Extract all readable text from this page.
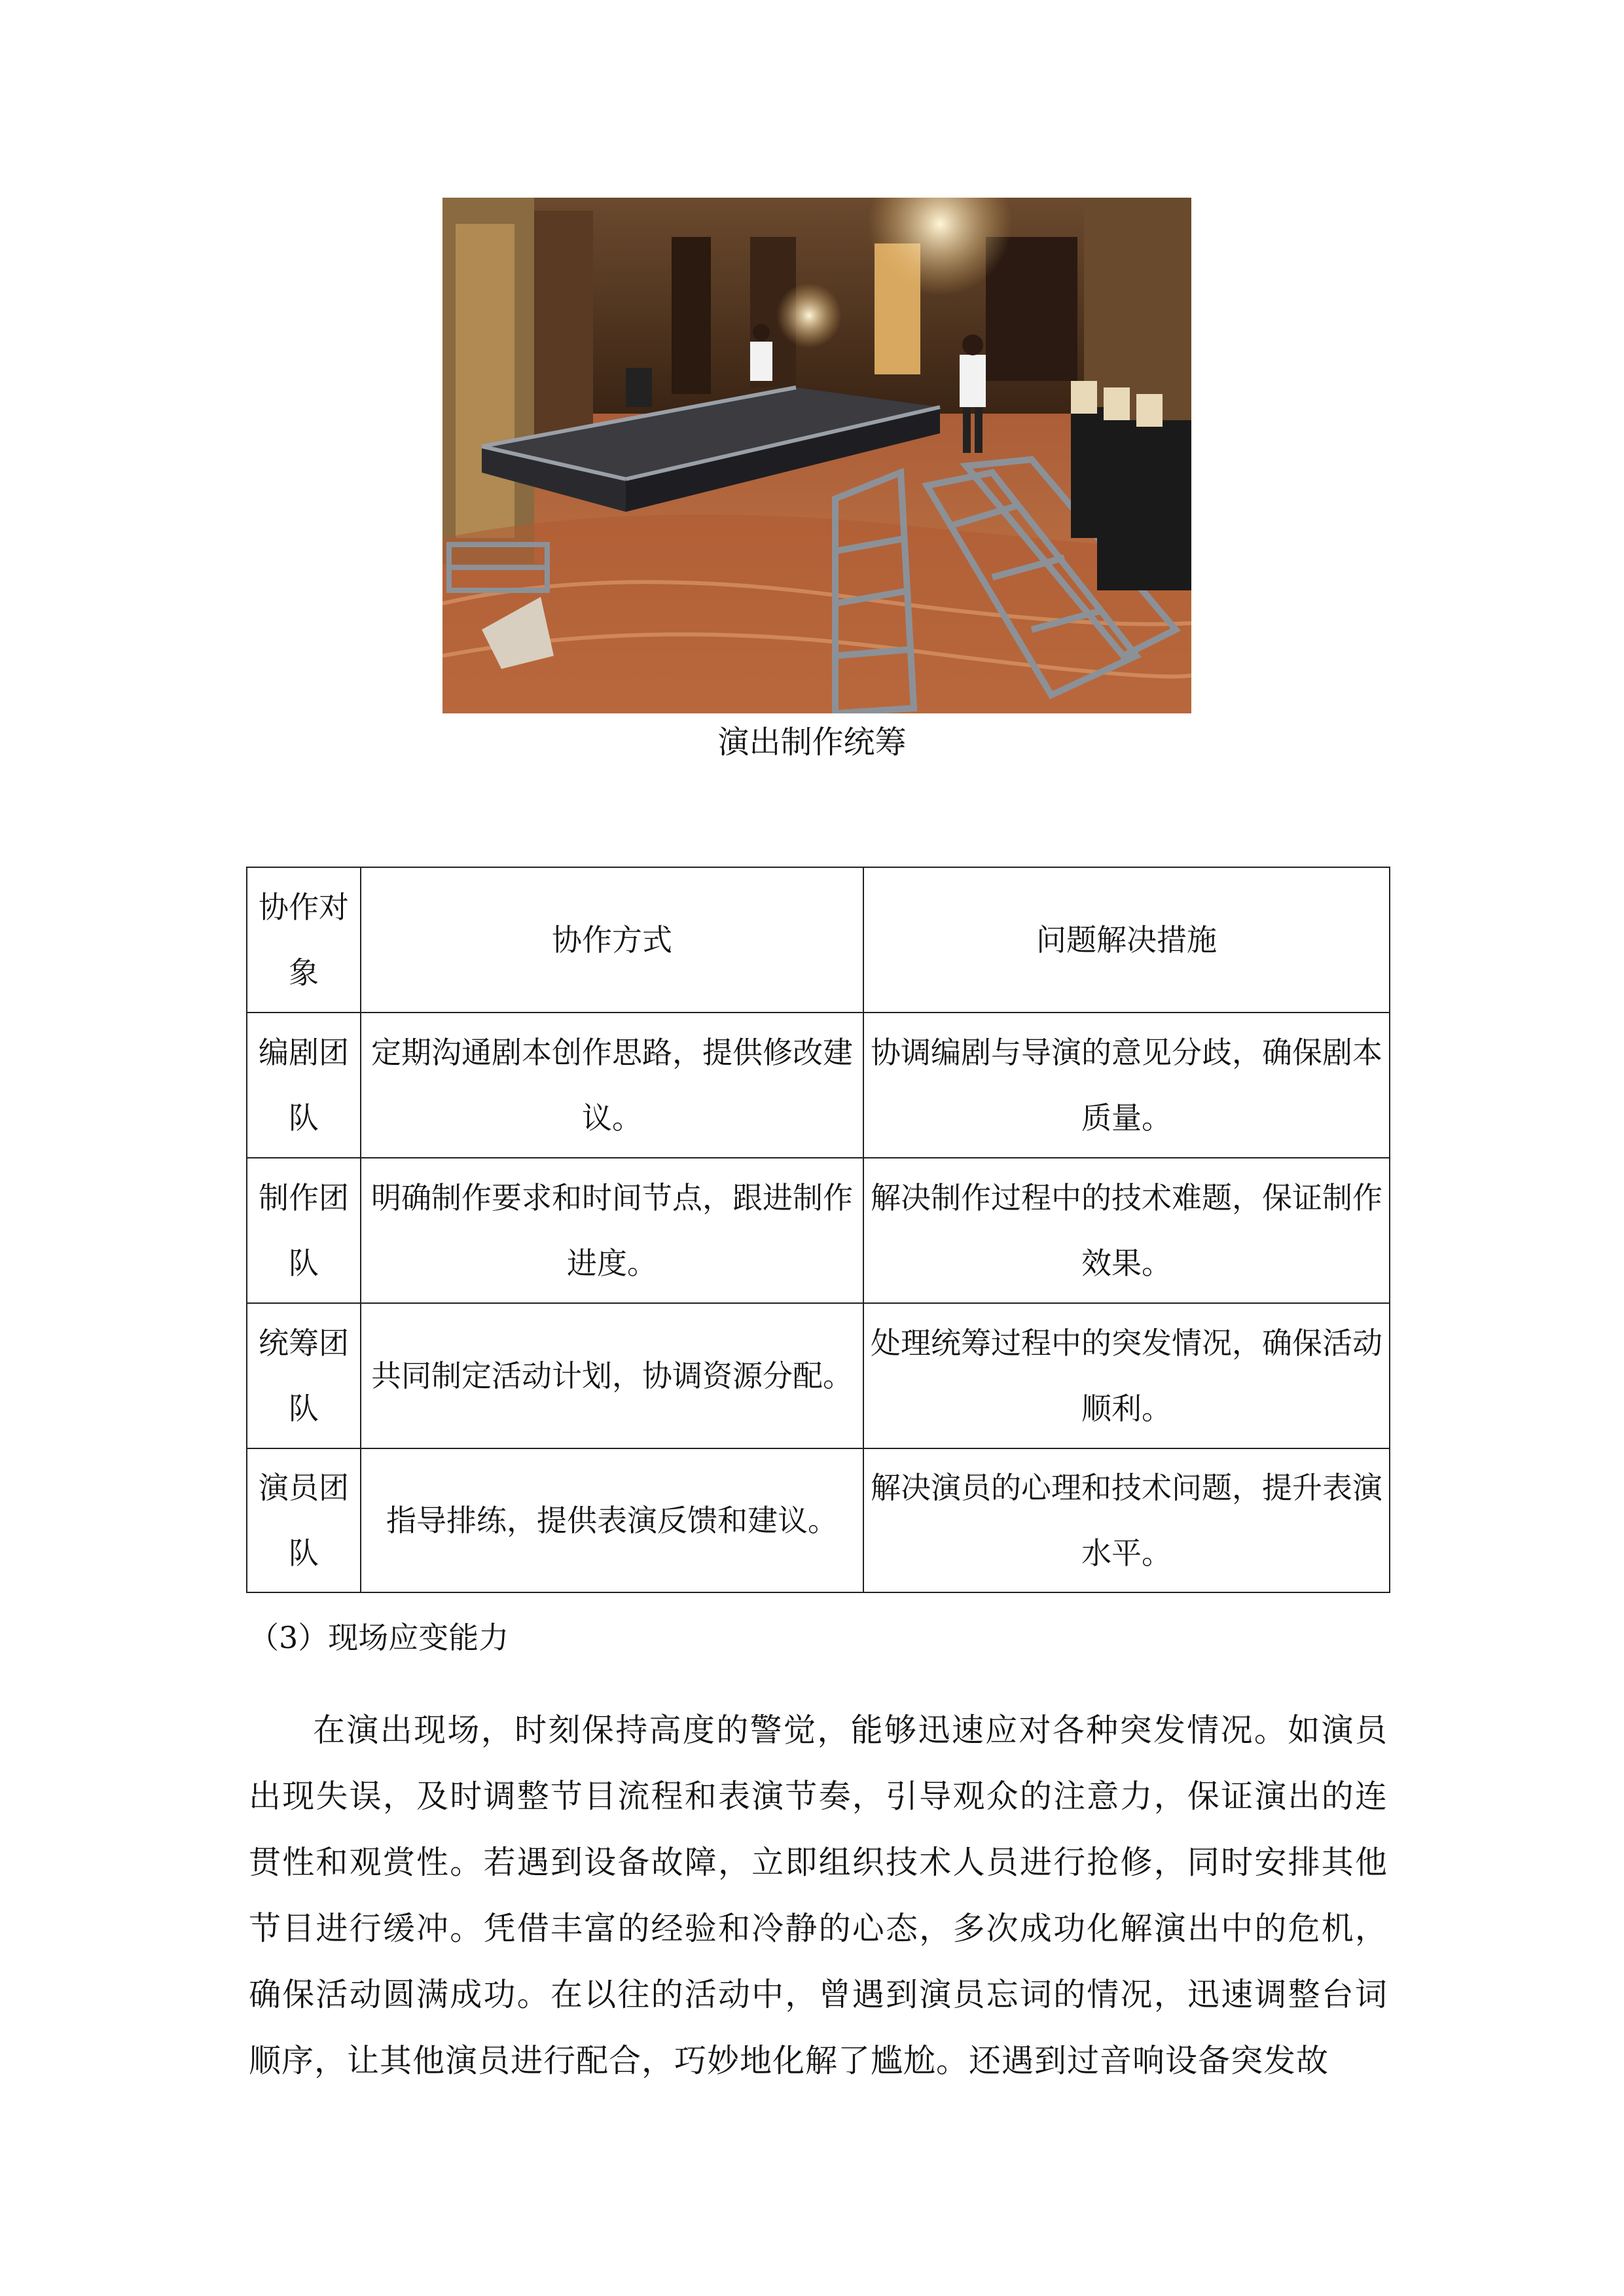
演出制作统筹
协作对象	协作方式	问题解决措施
编剧团队	定期沟通剧本创作思路，提供修改建议。	协调编剧与导演的意见分歧，确保剧本质量。
制作团队	明确制作要求和时间节点，跟进制作进度。	解决制作过程中的技术难题，保证制作效果。
统筹团队	共同制定活动计划，协调资源分配。	处理统筹过程中的突发情况，确保活动顺利。
演员团队	指导排练，提供表演反馈和建议。	解决演员的心理和技术问题，提升表演水平。
（3）现场应变能力

在演出现场，时刻保持高度的警觉，能够迅速应对各种突发情况。如演员出现失误，及时调整节目流程和表演节奏，引导观众的注意力，保证演出的连贯性和观赏性。若遇到设备故障，立即组织技术人员进行抢修，同时安排其他节目进行缓冲。凭借丰富的经验和冷静的心态，多次成功化解演出中的危机，确保活动圆满成功。在以往的活动中，曾遇到演员忘词的情况，迅速调整台词顺序，让其他演员进行配合，巧妙地化解了尴尬。还遇到过音响设备突发故
